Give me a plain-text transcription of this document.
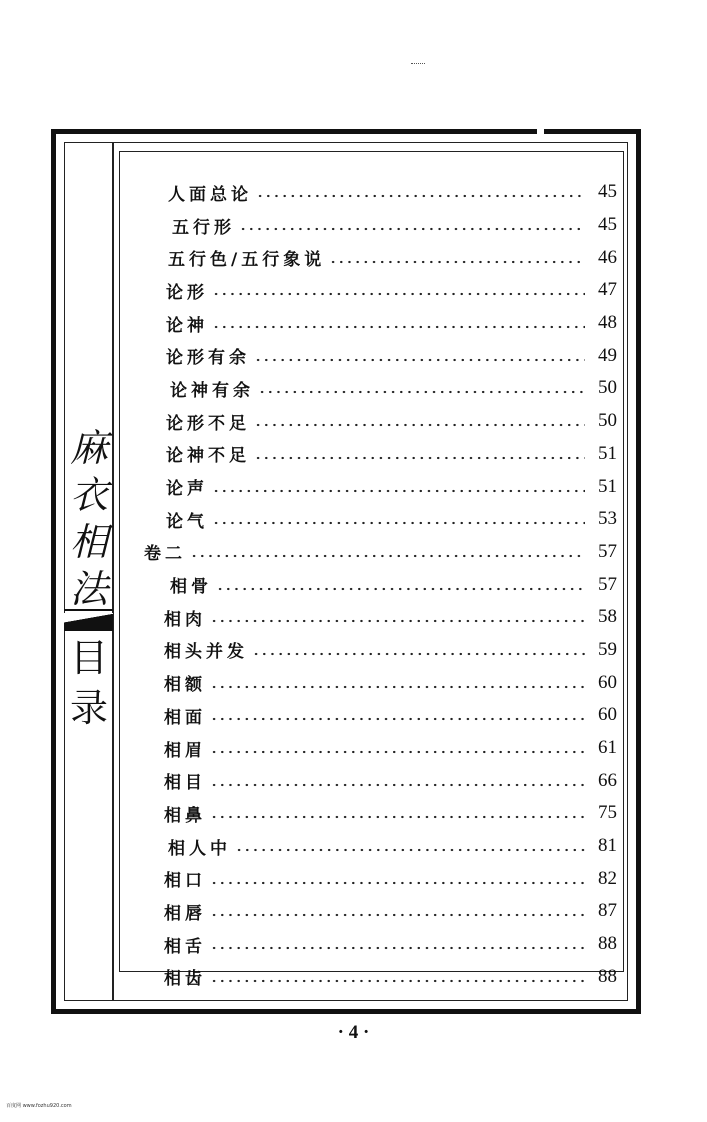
麻
衣
相
法
目
录
人面总论	45
五行形	45
五行色/五行象说	46
论形	47
论神	48
论形有余	49
论神有余	50
论形不足	50
论神不足	51
论声	51
论气	53
卷二	57
相骨	57
相肉	58
相头并发	59
相额	60
相面	60
相眉	61
相目	66
相鼻	75
相人中	81
相口	82
相唇	87
相舌	88
相齿	88
· 4 ·
百度网 www.fozhu920.com
